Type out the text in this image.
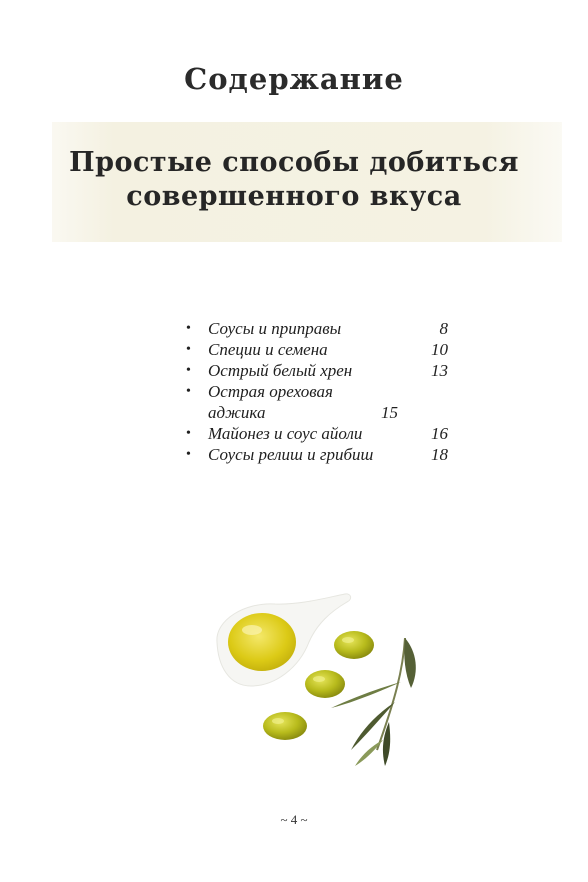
Содержание
Простые способы добиться
совершенного вкуса
• Соусы и приправы	8
• Специи и семена	10
• Острый белый хрен	13
• Острая ореховая аджика	15
• Майонез и соус айоли	16
• Соусы релиш и грибиш	18
~ 4 ~
